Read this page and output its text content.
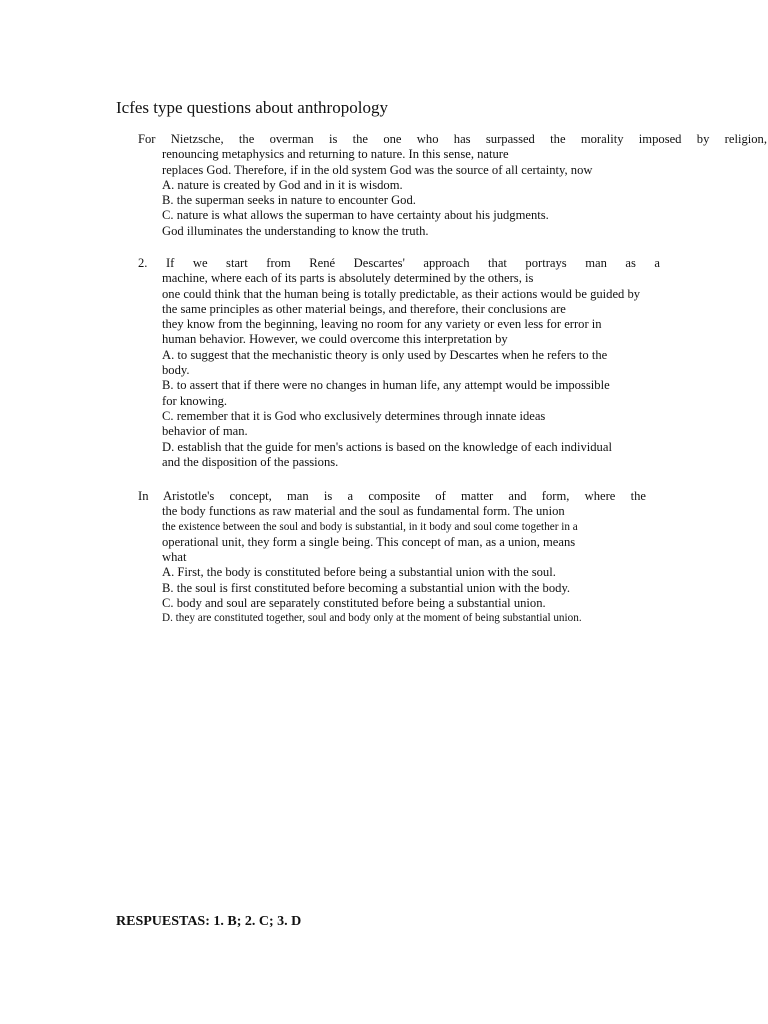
Icfes type questions about anthropology
For Nietzsche, the overman is the one who has surpassed the morality imposed by religion,
renouncing metaphysics and returning to nature. In this sense, nature
replaces God. Therefore, if in the old system God was the source of all certainty, now
A. nature is created by God and in it is wisdom.
B. the superman seeks in nature to encounter God.
C. nature is what allows the superman to have certainty about his judgments.
God illuminates the understanding to know the truth.
2. If we start from René Descartes' approach that portrays man as a
machine, where each of its parts is absolutely determined by the others, is
one could think that the human being is totally predictable, as their actions would be guided by
the same principles as other material beings, and therefore, their conclusions are
they know from the beginning, leaving no room for any variety or even less for error in
human behavior. However, we could overcome this interpretation by
A. to suggest that the mechanistic theory is only used by Descartes when he refers to the
body.
B. to assert that if there were no changes in human life, any attempt would be impossible
for knowing.
C. remember that it is God who exclusively determines through innate ideas
behavior of man.
D. establish that the guide for men's actions is based on the knowledge of each individual
and the disposition of the passions.
In Aristotle's concept, man is a composite of matter and form, where the
the body functions as raw material and the soul as fundamental form. The union
the existence between the soul and body is substantial, in it body and soul come together in a
operational unit, they form a single being. This concept of man, as a union, means
what
A. First, the body is constituted before being a substantial union with the soul.
B. the soul is first constituted before becoming a substantial union with the body.
C. body and soul are separately constituted before being a substantial union.
D. they are constituted together, soul and body only at the moment of being substantial union.
RESPUESTAS: 1. B; 2. C; 3. D
